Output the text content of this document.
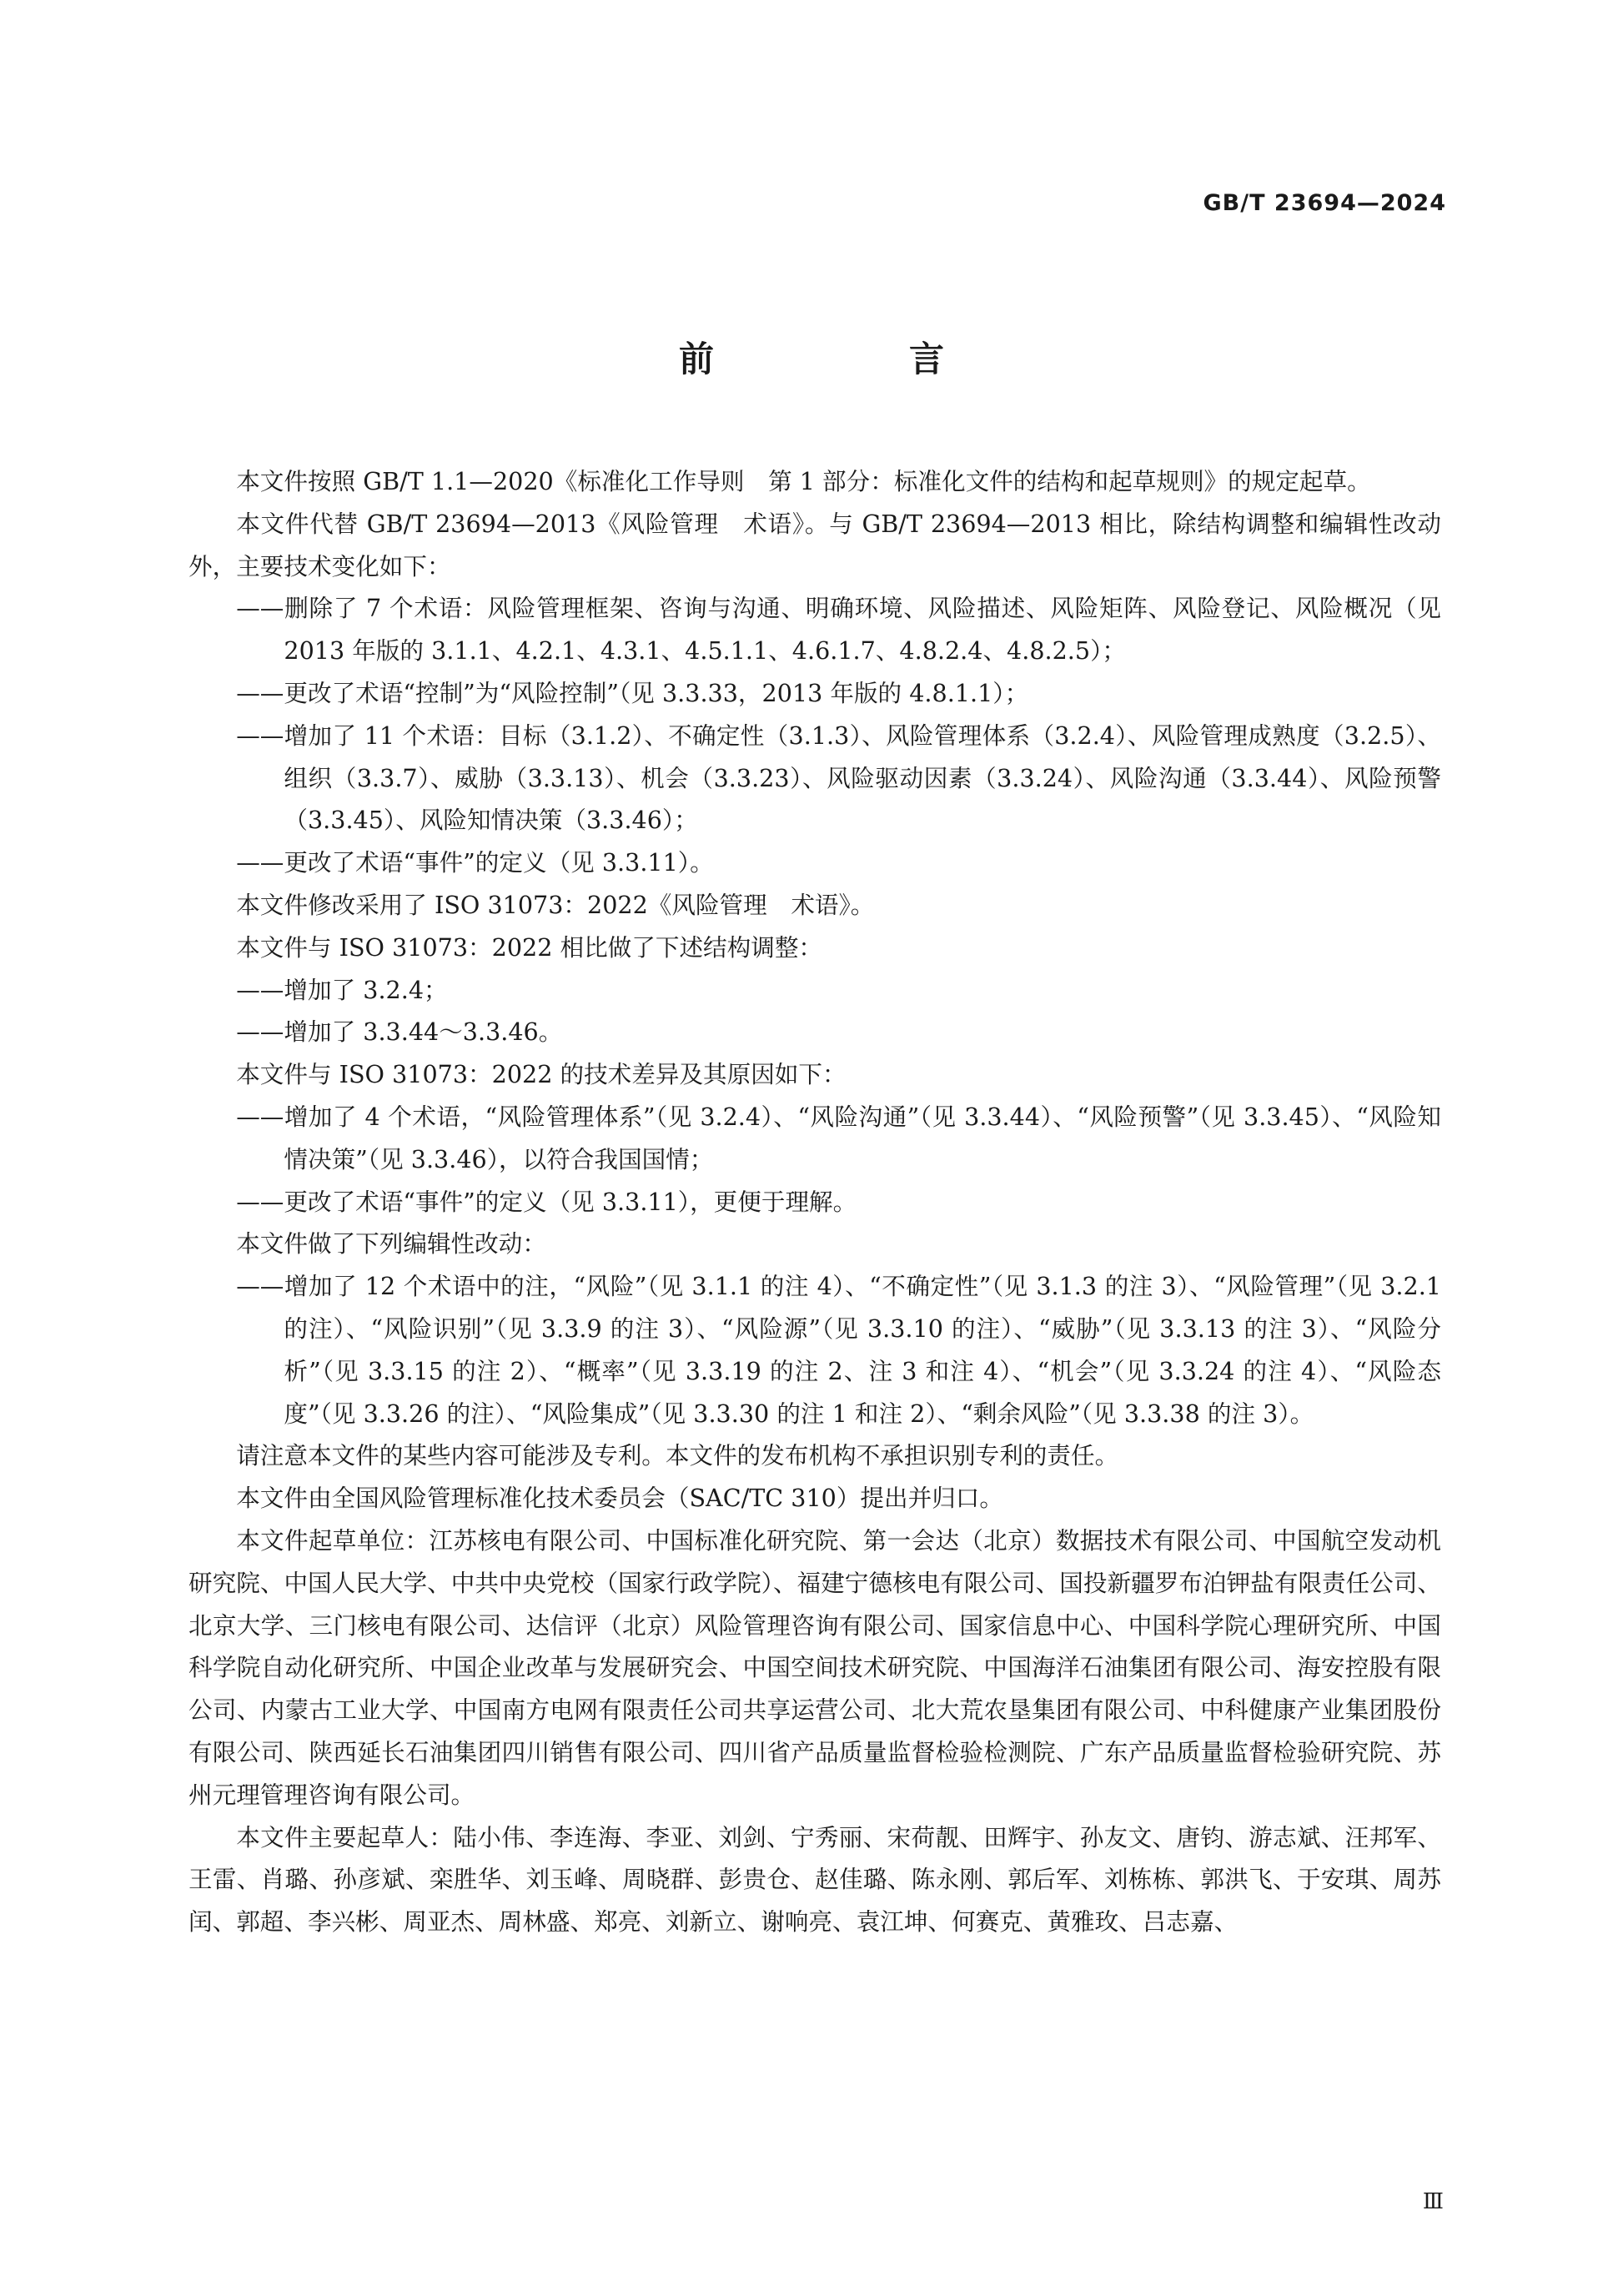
GB/T 23694—2024
前　言

本文件按照 GB/T 1.1—2020《标准化工作导则　第 1 部分：标准化文件的结构和起草规则》的规定起草。

本文件代替 GB/T 23694—2013《风险管理　术语》。与 GB/T 23694—2013 相比，除结构调整和编辑性改动外，主要技术变化如下：

——删除了 7 个术语：风险管理框架、咨询与沟通、明确环境、风险描述、风险矩阵、风险登记、风险概况（见 2013 年版的 3.1.1、4.2.1、4.3.1、4.5.1.1、4.6.1.7、4.8.2.4、4.8.2.5）；

——更改了术语“控制”为“风险控制”（见 3.3.33，2013 年版的 4.8.1.1）；

——增加了 11 个术语：目标（3.1.2）、不确定性（3.1.3）、风险管理体系（3.2.4）、风险管理成熟度（3.2.5）、组织（3.3.7）、威胁（3.3.13）、机会（3.3.23）、风险驱动因素（3.3.24）、风险沟通（3.3.44）、风险预警（3.3.45）、风险知情决策（3.3.46）；

——更改了术语“事件”的定义（见 3.3.11）。

本文件修改采用了 ISO 31073：2022《风险管理　术语》。

本文件与 ISO 31073：2022 相比做了下述结构调整：

——增加了 3.2.4；

——增加了 3.3.44～3.3.46。

本文件与 ISO 31073：2022 的技术差异及其原因如下：

——增加了 4 个术语，“风险管理体系”（见 3.2.4）、“风险沟通”（见 3.3.44）、“风险预警”（见 3.3.45）、“风险知情决策”（见 3.3.46），以符合我国国情；

——更改了术语“事件”的定义（见 3.3.11），更便于理解。

本文件做了下列编辑性改动：

——增加了 12 个术语中的注，“风险”（见 3.1.1 的注 4）、“不确定性”（见 3.1.3 的注 3）、“风险管理”（见 3.2.1 的注）、“风险识别”（见 3.3.9 的注 3）、“风险源”（见 3.3.10 的注）、“威胁”（见 3.3.13 的注 3）、“风险分析”（见 3.3.15 的注 2）、“概率”（见 3.3.19 的注 2、注 3 和注 4）、“机会”（见 3.3.24 的注 4）、“风险态度”（见 3.3.26 的注）、“风险集成”（见 3.3.30 的注 1 和注 2）、“剩余风险”（见 3.3.38 的注 3）。

请注意本文件的某些内容可能涉及专利。本文件的发布机构不承担识别专利的责任。

本文件由全国风险管理标准化技术委员会（SAC/TC 310）提出并归口。

本文件起草单位：江苏核电有限公司、中国标准化研究院、第一会达（北京）数据技术有限公司、中国航空发动机研究院、中国人民大学、中共中央党校（国家行政学院）、福建宁德核电有限公司、国投新疆罗布泊钾盐有限责任公司、北京大学、三门核电有限公司、达信评（北京）风险管理咨询有限公司、国家信息中心、中国科学院心理研究所、中国科学院自动化研究所、中国企业改革与发展研究会、中国空间技术研究院、中国海洋石油集团有限公司、海安控股有限公司、内蒙古工业大学、中国南方电网有限责任公司共享运营公司、北大荒农垦集团有限公司、中科健康产业集团股份有限公司、陕西延长石油集团四川销售有限公司、四川省产品质量监督检验检测院、广东产品质量监督检验研究院、苏州元理管理咨询有限公司。

本文件主要起草人：陆小伟、李连海、李亚、刘剑、宁秀丽、宋荷靓、田辉宇、孙友文、唐钧、游志斌、汪邦军、王雷、肖璐、孙彦斌、栾胜华、刘玉峰、周晓群、彭贵仓、赵佳璐、陈永刚、郭后军、刘栋栋、郭洪飞、于安琪、周苏闰、郭超、李兴彬、周亚杰、周林盛、郑亮、刘新立、谢响亮、袁江坤、何赛克、黄雅玫、吕志嘉、

Ⅲ
